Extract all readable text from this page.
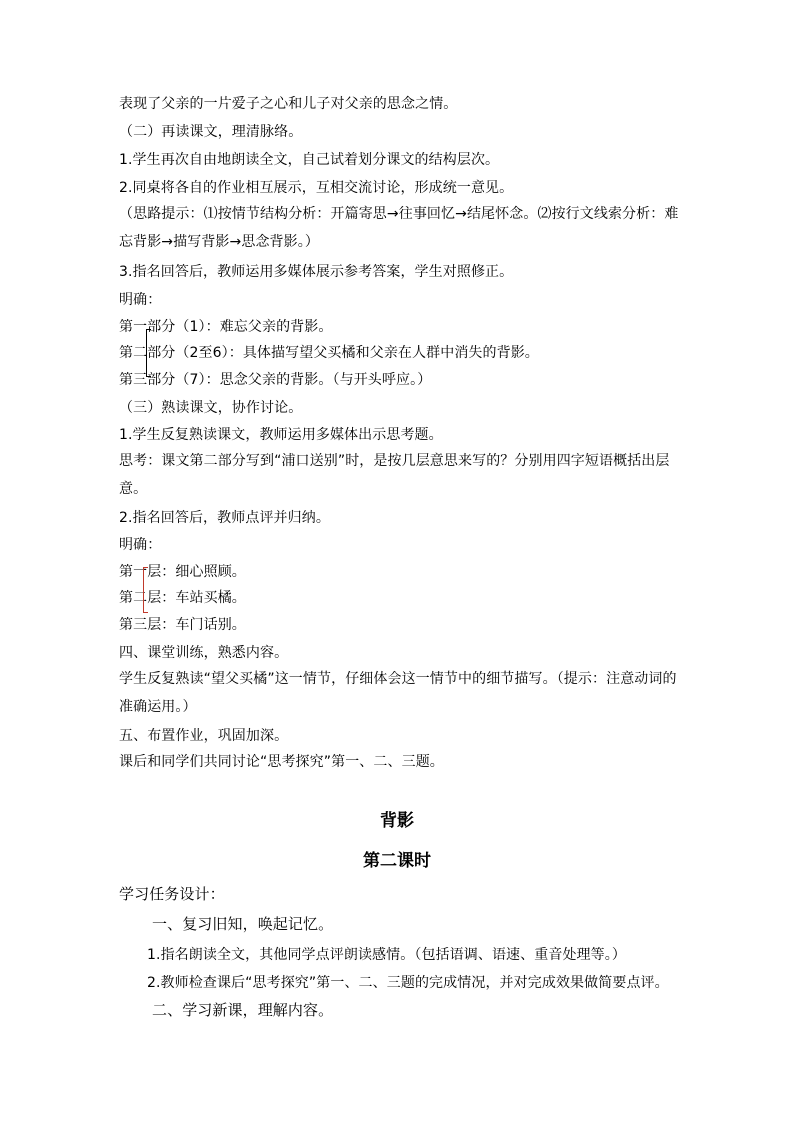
表现了父亲的一片爱子之心和儿子对父亲的思念之情。
（二）再读课文，理清脉络。
1.学生再次自由地朗读全文，自己试着划分课文的结构层次。
2.同桌将各自的作业相互展示，互相交流讨论，形成统一意见。
（思路提示：⑴按情节结构分析：开篇寄思→往事回忆→结尾怀念。⑵按行文线索分析：难忘背影→描写背影→思念背影。）
3.指名回答后，教师运用多媒体展示参考答案，学生对照修正。
明确：
第一部分（1）：难忘父亲的背影。
第二部分（2至6）：具体描写望父买橘和父亲在人群中消失的背影。
第三部分（7）：思念父亲的背影。（与开头呼应。）
（三）熟读课文，协作讨论。
1.学生反复熟读课文，教师运用多媒体出示思考题。
思考：课文第二部分写到“浦口送别”时，是按几层意思来写的？分别用四字短语概括出层意。
2.指名回答后，教师点评并归纳。
明确：
第一层：细心照顾。
第二层：车站买橘。
第三层：车门话别。
四、课堂训练，熟悉内容。
学生反复熟读“望父买橘”这一情节，仔细体会这一情节中的细节描写。（提示：注意动词的准确运用。）
五、布置作业，巩固加深。
课后和同学们共同讨论“思考探究”第一、二、三题。
背影
第二课时
学习任务设计：
一、复习旧知，唤起记忆。
1.指名朗读全文，其他同学点评朗读感情。（包括语调、语速、重音处理等。）
2.教师检查课后“思考探究”第一、二、三题的完成情况，并对完成效果做简要点评。
二、学习新课，理解内容。
